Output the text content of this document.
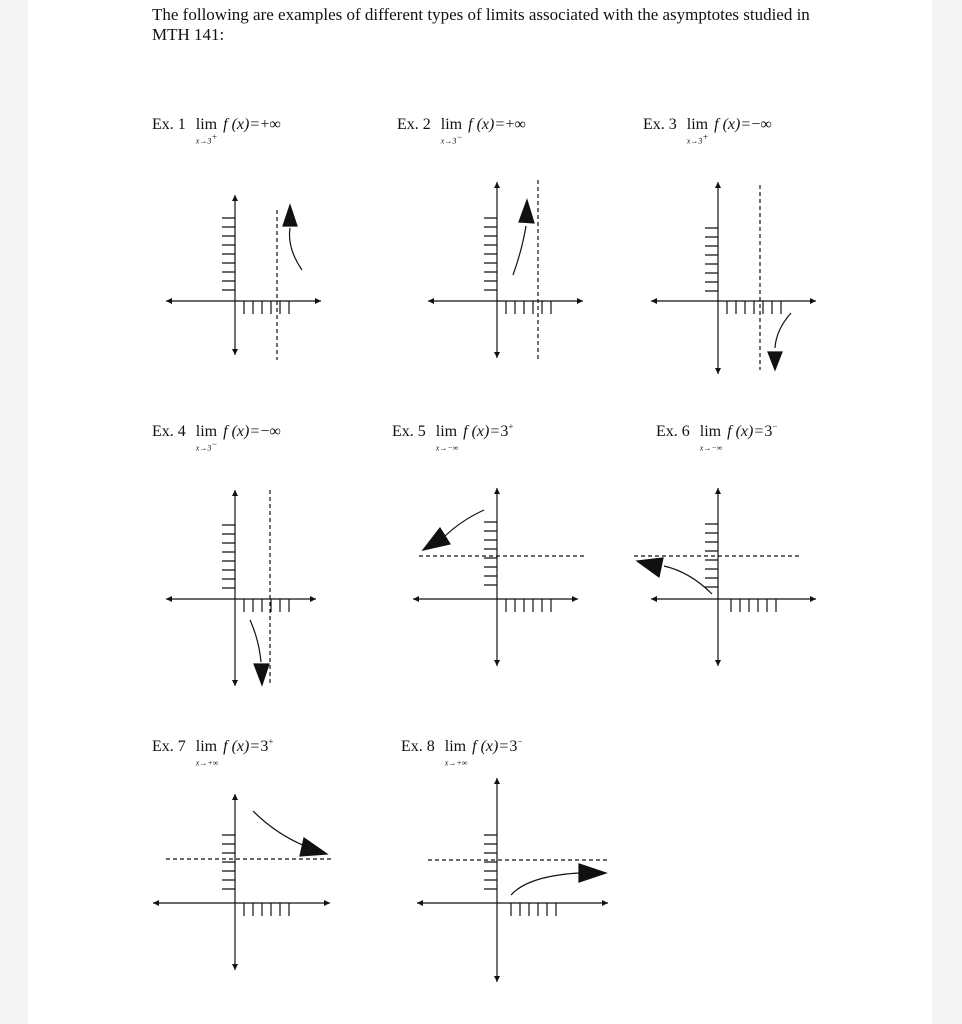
The following are examples of different types of limits associated with the asymptotes studied in MTH 141:
Ex. 1 lim
x→3+
f (x)=+∞	Ex. 2 lim
x→3−
f (x)=+∞	Ex. 3 lim
x→3+
f (x)=−∞
Ex. 4 lim
x→3−
f (x)=−∞	Ex. 5 lim
x→−∞
f (x)=3+	Ex. 6 lim
x→−∞
f (x)=3−
Ex. 7 lim
x→+∞
f (x)=3+	Ex. 8 lim
x→+∞
f (x)=3−
